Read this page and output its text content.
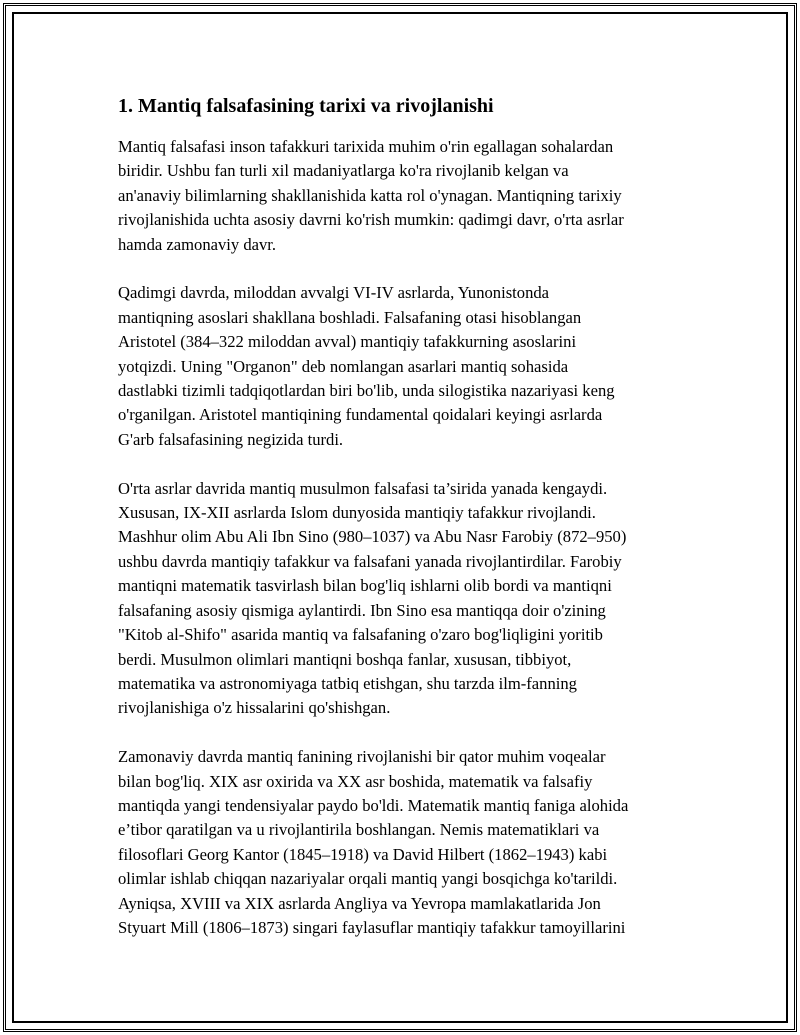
1. Mantiq falsafasining tarixi va rivojlanishi

Mantiq falsafasi inson tafakkuri tarixida muhim o'rin egallagan sohalardan
biridir. Ushbu fan turli xil madaniyatlarga ko'ra rivojlanib kelgan va
an'anaviy bilimlarning shakllanishida katta rol o'ynagan. Mantiqning tarixiy
rivojlanishida uchta asosiy davrni ko'rish mumkin: qadimgi davr, o'rta asrlar
hamda zamonaviy davr.

Qadimgi davrda, miloddan avvalgi VI-IV asrlarda, Yunonistonda
mantiqning asoslari shakllana boshladi. Falsafaning otasi hisoblangan
Aristotel (384–322 miloddan avval) mantiqiy tafakkurning asoslarini
yotqizdi. Uning "Organon" deb nomlangan asarlari mantiq sohasida
dastlabki tizimli tadqiqotlardan biri bo'lib, unda silogistika nazariyasi keng
o'rganilgan. Aristotel mantiqining fundamental qoidalari keyingi asrlarda
G'arb falsafasining negizida turdi.

O'rta asrlar davrida mantiq musulmon falsafasi ta’sirida yanada kengaydi.
Xususan, IX-XII asrlarda Islom dunyosida mantiqiy tafakkur rivojlandi.
Mashhur olim Abu Ali Ibn Sino (980–1037) va Abu Nasr Farobiy (872–950)
ushbu davrda mantiqiy tafakkur va falsafani yanada rivojlantirdilar. Farobiy
mantiqni matematik tasvirlash bilan bog'liq ishlarni olib bordi va mantiqni
falsafaning asosiy qismiga aylantirdi. Ibn Sino esa mantiqqa doir o'zining
"Kitob al-Shifo" asarida mantiq va falsafaning o'zaro bog'liqligini yoritib
berdi. Musulmon olimlari mantiqni boshqa fanlar, xususan, tibbiyot,
matematika va astronomiyaga tatbiq etishgan, shu tarzda ilm-fanning
rivojlanishiga o'z hissalarini qo'shishgan.

Zamonaviy davrda mantiq fanining rivojlanishi bir qator muhim voqealar
bilan bog'liq. XIX asr oxirida va XX asr boshida, matematik va falsafiy
mantiqda yangi tendensiyalar paydo bo'ldi. Matematik mantiq faniga alohida
e’tibor qaratilgan va u rivojlantirila boshlangan. Nemis matematiklari va
filosoflari Georg Kantor (1845–1918) va David Hilbert (1862–1943) kabi
olimlar ishlab chiqqan nazariyalar orqali mantiq yangi bosqichga ko'tarildi.
Ayniqsa, XVIII va XIX asrlarda Angliya va Yevropa mamlakatlarida Jon
Styuart Mill (1806–1873) singari faylasuflar mantiqiy tafakkur tamoyillarini
